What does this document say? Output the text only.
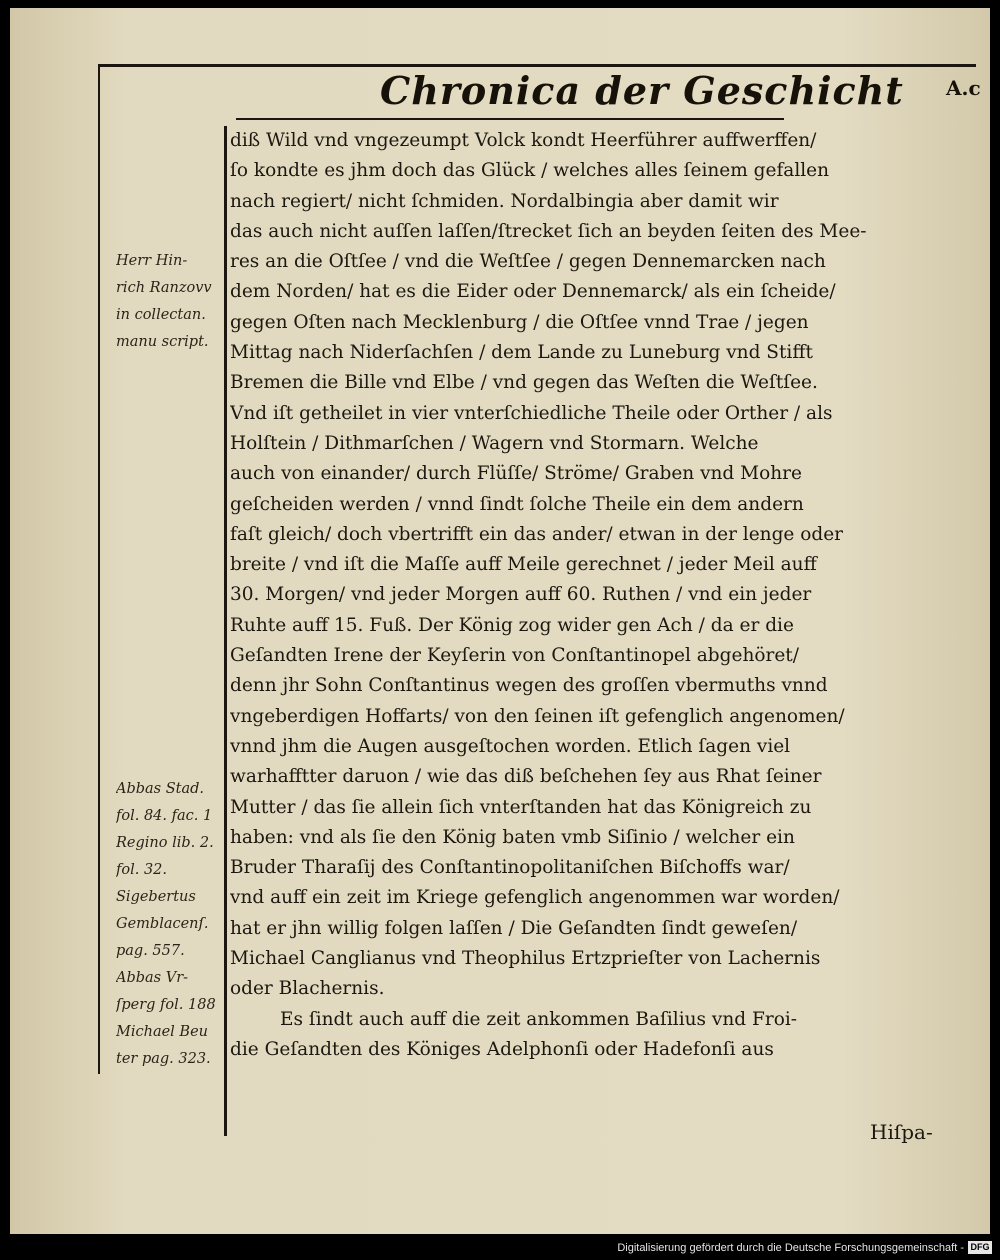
Chronica der Geschicht A.c
Herr Hin-
rich Ranzovv
in collectan.
manu script.
Abbas Stad.
fol. 84. fac. 1
Regino lib. 2.
fol. 32.
Sigebertus
Gemblacenſ.
pag. 557.
Abbas Vr-
ſperg fol. 188
Michael Beu
ter pag. 323.
diß Wild vnd vngezeumpt Volck kondt Heerführer auffwerffen/
ſo kondte es jhm doch das Glück / welches alles ſeinem gefallen
nach regiert/ nicht ſchmiden. Nordalbingia aber damit wir
das auch nicht auſſen laſſen/ſtrecket ſich an beyden ſeiten des Mee-
res an die Oſtſee / vnd die Weſtſee / gegen Dennemarcken nach
dem Norden/ hat es die Eider oder Dennemarck/ als ein ſcheide/
gegen Oſten nach Mecklenburg / die Oſtſee vnnd Trae / jegen
Mittag nach Niderſachſen / dem Lande zu Luneburg vnd Stifft
Bremen die Bille vnd Elbe / vnd gegen das Weſten die Weſtſee.
Vnd iſt getheilet in vier vnterſchiedliche Theile oder Orther / als
Holſtein / Dithmarſchen / Wagern vnd Stormarn. Welche
auch von einander/ durch Flüſſe/ Ströme/ Graben vnd Mohre
geſcheiden werden / vnnd ſindt ſolche Theile ein dem andern
faſt gleich/ doch vbertrifft ein das ander/ etwan in der lenge oder
breite / vnd iſt die Maſſe auff Meile gerechnet / jeder Meil auff
30. Morgen/ vnd jeder Morgen auff 60. Ruthen / vnd ein jeder
Ruhte auff 15. Fuß. Der König zog wider gen Ach / da er die
Geſandten Irene der Keyſerin von Conſtantinopel abgehöret/
denn jhr Sohn Conſtantinus wegen des groſſen vbermuths vnnd
vngeberdigen Hoffarts/ von den ſeinen iſt gefenglich angenomen/
vnnd jhm die Augen ausgeſtochen worden. Etlich ſagen viel
warhafftter daruon / wie das diß beſchehen ſey aus Rhat ſeiner
Mutter / das ſie allein ſich vnterſtanden hat das Königreich zu
haben: vnd als ſie den König baten vmb Siſinio / welcher ein
Bruder Tharaſij des Conſtantinopolitaniſchen Biſchoffs war/
vnd auff ein zeit im Kriege gefenglich angenommen war worden/
hat er jhn willig folgen laſſen / Die Geſandten ſindt geweſen/
Michael Canglianus vnd Theophilus Ertzprieſter von Lachernis
oder Blachernis.
Es ſindt auch auff die zeit ankommen Baſilius vnd Froi-
die Geſandten des Königes Adelphonſi oder Hadefonſi aus
Hiſpa-
Digitalisierung gefördert durch die Deutsche Forschungsgemeinschaft - DFG
